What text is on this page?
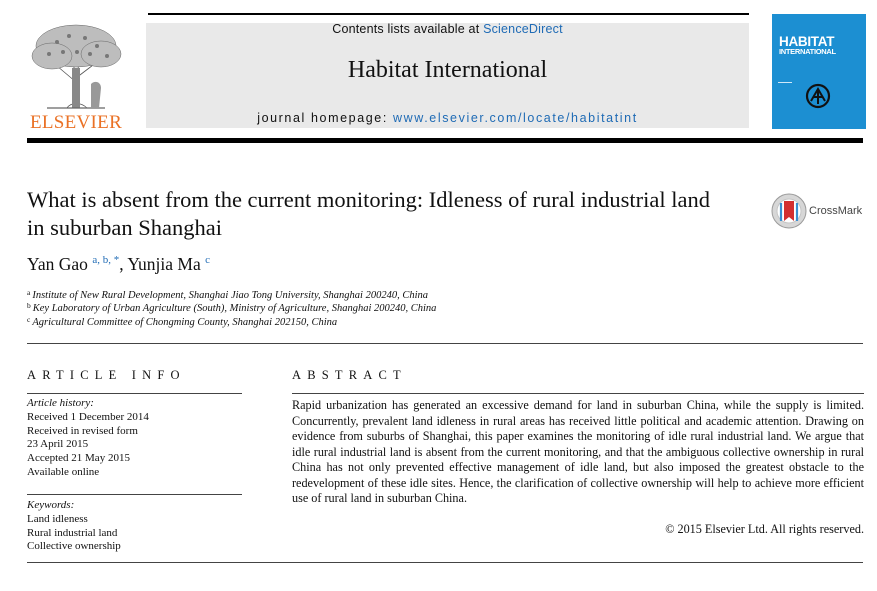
Contents lists available at ScienceDirect
Habitat International
journal homepage: www.elsevier.com/locate/habitatint
ELSEVIER
HABITAT
INTERNATIONAL
What is absent from the current monitoring: Idleness of rural industrial land in suburban Shanghai
CrossMark
Yan Gao $^{a, b, *}$, Yunjia Ma $^c$
$^a$ Institute of New Rural Development, Shanghai Jiao Tong University, Shanghai 200240, China
$^b$ Key Laboratory of Urban Agriculture (South), Ministry of Agriculture, Shanghai 200240, China
$^c$ Agricultural Committee of Chongming County, Shanghai 202150, China
ARTICLE INFO
Article history:
Received 1 December 2014
Received in revised form
23 April 2015
Accepted 21 May 2015
Available online
Keywords:
Land idleness
Rural industrial land
Collective ownership
ABSTRACT
Rapid urbanization has generated an excessive demand for land in suburban China, while the supply is limited. Concurrently, prevalent land idleness in rural areas has received little political and academic attention. Drawing on evidence from suburbs of Shanghai, this paper examines the monitoring of idle rural industrial land. We argue that idle rural industrial land is absent from the current monitoring, and that the ambiguous collective ownership in rural China has not only prevented effective management of idle land, but also imposed the greatest obstacle to the redevelopment of these idle sites. Hence, the clarification of collective ownership will help to achieve more efficient use of rural land in suburban China.
© 2015 Elsevier Ltd. All rights reserved.
